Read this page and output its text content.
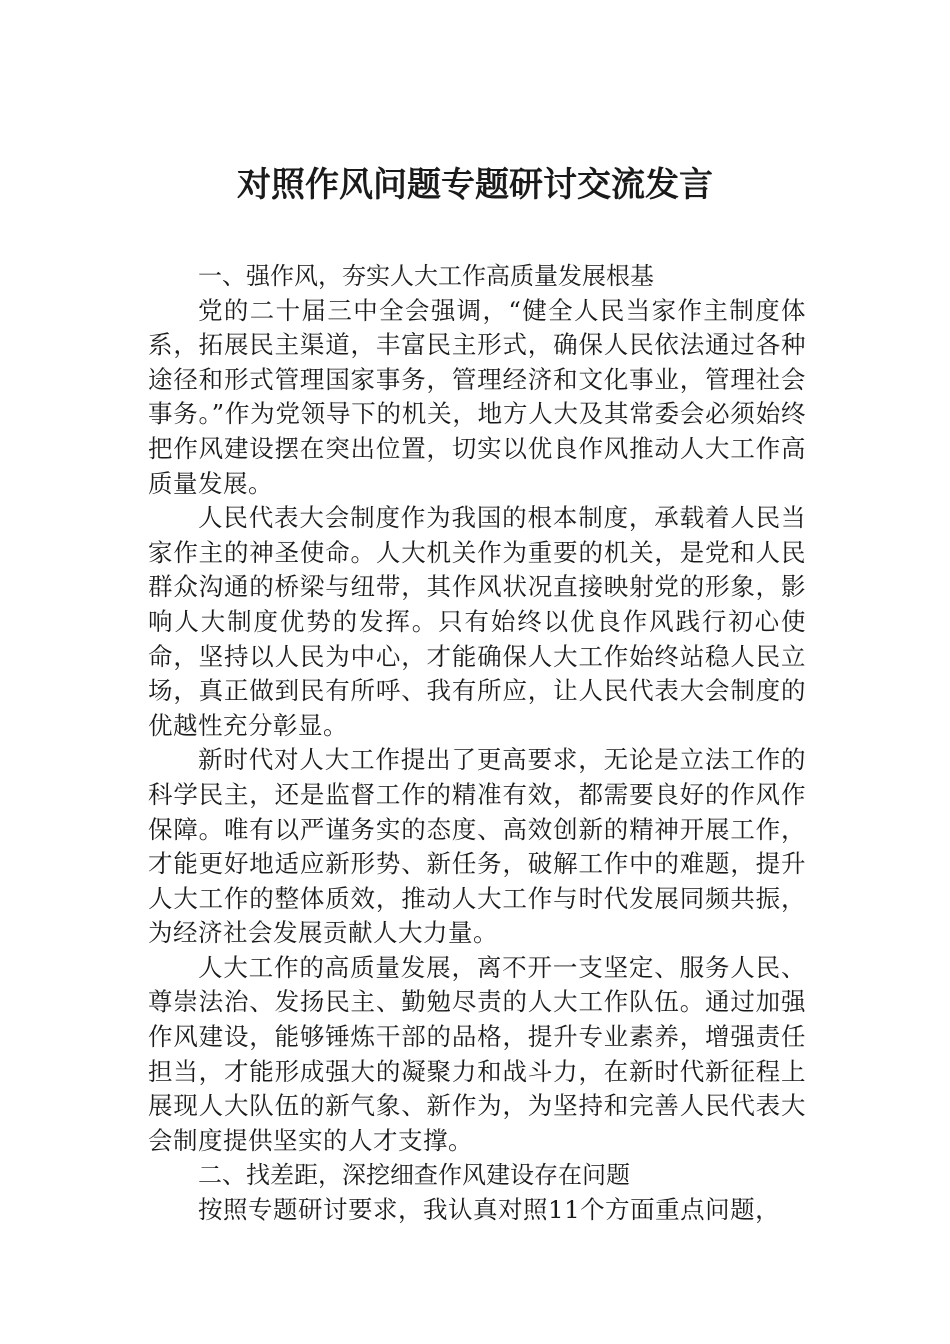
对照作风问题专题研讨交流发言

一、强作风，夯实人大工作高质量发展根基

党的二十届三中全会强调，“健全人民当家作主制度体系，拓展民主渠道，丰富民主形式，确保人民依法通过各种途径和形式管理国家事务，管理经济和文化事业，管理社会事务。”作为党领导下的机关，地方人大及其常委会必须始终把作风建设摆在突出位置，切实以优良作风推动人大工作高质量发展。

人民代表大会制度作为我国的根本制度，承载着人民当家作主的神圣使命。人大机关作为重要的机关，是党和人民群众沟通的桥梁与纽带，其作风状况直接映射党的形象，影响人大制度优势的发挥。只有始终以优良作风践行初心使命，坚持以人民为中心，才能确保人大工作始终站稳人民立场，真正做到民有所呼、我有所应，让人民代表大会制度的优越性充分彰显。

新时代对人大工作提出了更高要求，无论是立法工作的科学民主，还是监督工作的精准有效，都需要良好的作风作保障。唯有以严谨务实的态度、高效创新的精神开展工作，才能更好地适应新形势、新任务，破解工作中的难题，提升人大工作的整体质效，推动人大工作与时代发展同频共振，为经济社会发展贡献人大力量。

人大工作的高质量发展，离不开一支坚定、服务人民、尊崇法治、发扬民主、勤勉尽责的人大工作队伍。通过加强作风建设，能够锤炼干部的品格，提升专业素养，增强责任担当，才能形成强大的凝聚力和战斗力，在新时代新征程上展现人大队伍的新气象、新作为，为坚持和完善人民代表大会制度提供坚实的人才支撑。

二、找差距，深挖细查作风建设存在问题

按照专题研讨要求，我认真对照11个方面重点问题，
